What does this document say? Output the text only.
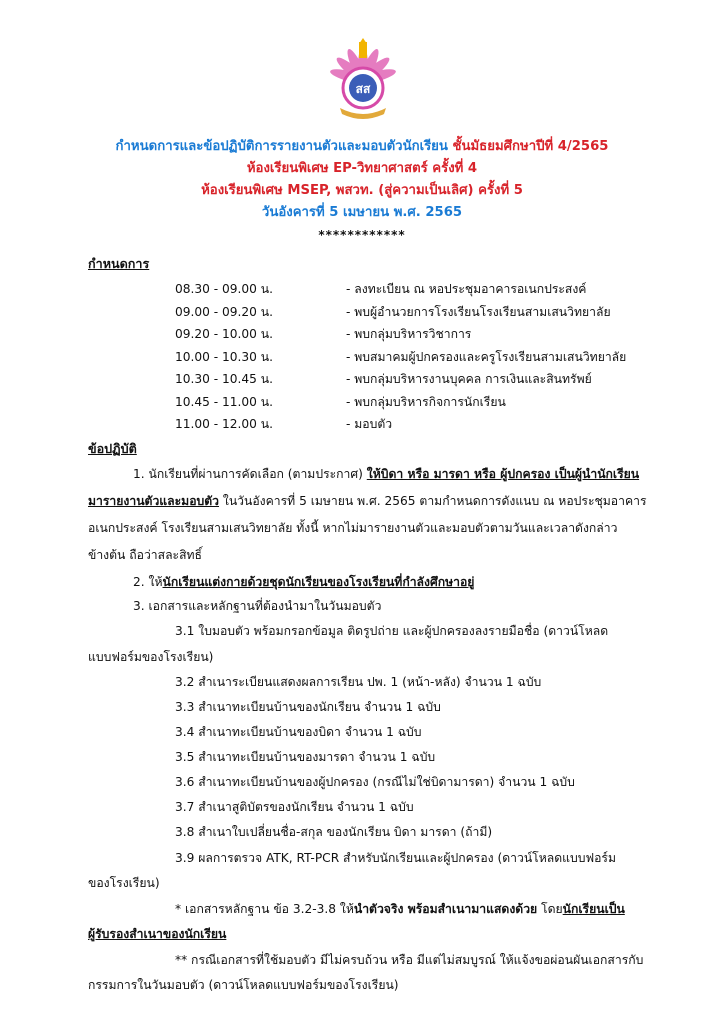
สส
กำหนดการและข้อปฏิบัติการรายงานตัวและมอบตัวนักเรียน ชั้นมัธยมศึกษาปีที่ 4/2565
ห้องเรียนพิเศษ EP-วิทยาศาสตร์ ครั้งที่ 4
ห้องเรียนพิเศษ MSEP, พสวท. (สู่ความเป็นเลิศ) ครั้งที่ 5
วันอังคารที่ 5 เมษายน พ.ศ. 2565
************
กำหนดการ
08.30 - 09.00 น.	- ลงทะเบียน ณ หอประชุมอาคารอเนกประสงค์
09.00 - 09.20 น.	- พบผู้อำนวยการโรงเรียนโรงเรียนสามเสนวิทยาลัย
09.20 - 10.00 น.	- พบกลุ่มบริหารวิชาการ
10.00 - 10.30 น.	- พบสมาคมผู้ปกครองและครูโรงเรียนสามเสนวิทยาลัย
10.30 - 10.45 น.	- พบกลุ่มบริหารงานบุคคล การเงินและสินทรัพย์
10.45 - 11.00 น.	- พบกลุ่มบริหารกิจการนักเรียน
11.00 - 12.00 น.	- มอบตัว
ข้อปฏิบัติ
1. นักเรียนที่ผ่านการคัดเลือก (ตามประกาศ) ให้บิดา หรือ มารดา หรือ ผู้ปกครอง เป็นผู้นำนักเรียน
มารายงานตัวและมอบตัว ในวันอังคารที่ 5 เมษายน พ.ศ. 2565 ตามกำหนดการดังแนบ ณ หอประชุมอาคาร
อเนกประสงค์ โรงเรียนสามเสนวิทยาลัย ทั้งนี้ หากไม่มารายงานตัวและมอบตัวตามวันและเวลาดังกล่าว
ข้างต้น ถือว่าสละสิทธิ์
2. ให้นักเรียนแต่งกายด้วยชุดนักเรียนของโรงเรียนที่กำลังศึกษาอยู่
3. เอกสารและหลักฐานที่ต้องนำมาในวันมอบตัว
3.1 ใบมอบตัว พร้อมกรอกข้อมูล ติดรูปถ่าย และผู้ปกครองลงรายมือชื่อ (ดาวน์โหลด
แบบฟอร์มของโรงเรียน)
3.2 สำเนาระเบียนแสดงผลการเรียน ปพ. 1 (หน้า-หลัง) จำนวน 1 ฉบับ
3.3 สำเนาทะเบียนบ้านของนักเรียน จำนวน 1 ฉบับ
3.4 สำเนาทะเบียนบ้านของบิดา จำนวน 1 ฉบับ
3.5 สำเนาทะเบียนบ้านของมารดา จำนวน 1 ฉบับ
3.6 สำเนาทะเบียนบ้านของผู้ปกครอง (กรณีไม่ใช่บิดามารดา) จำนวน 1 ฉบับ
3.7 สำเนาสูติบัตรของนักเรียน จำนวน 1 ฉบับ
3.8 สำเนาใบเปลี่ยนชื่อ-สกุล ของนักเรียน บิดา มารดา (ถ้ามี)
3.9 ผลการตรวจ ATK, RT-PCR สำหรับนักเรียนและผู้ปกครอง (ดาวน์โหลดแบบฟอร์ม
ของโรงเรียน)
* เอกสารหลักฐาน ข้อ 3.2-3.8 ให้นำตัวจริง พร้อมสำเนามาแสดงด้วย โดยนักเรียนเป็น
ผู้รับรองสำเนาของนักเรียน
** กรณีเอกสารที่ใช้มอบตัว มีไม่ครบถ้วน หรือ มีแต่ไม่สมบูรณ์ ให้แจ้งขอผ่อนผันเอกสารกับ
กรรมการในวันมอบตัว (ดาวน์โหลดแบบฟอร์มของโรงเรียน)
